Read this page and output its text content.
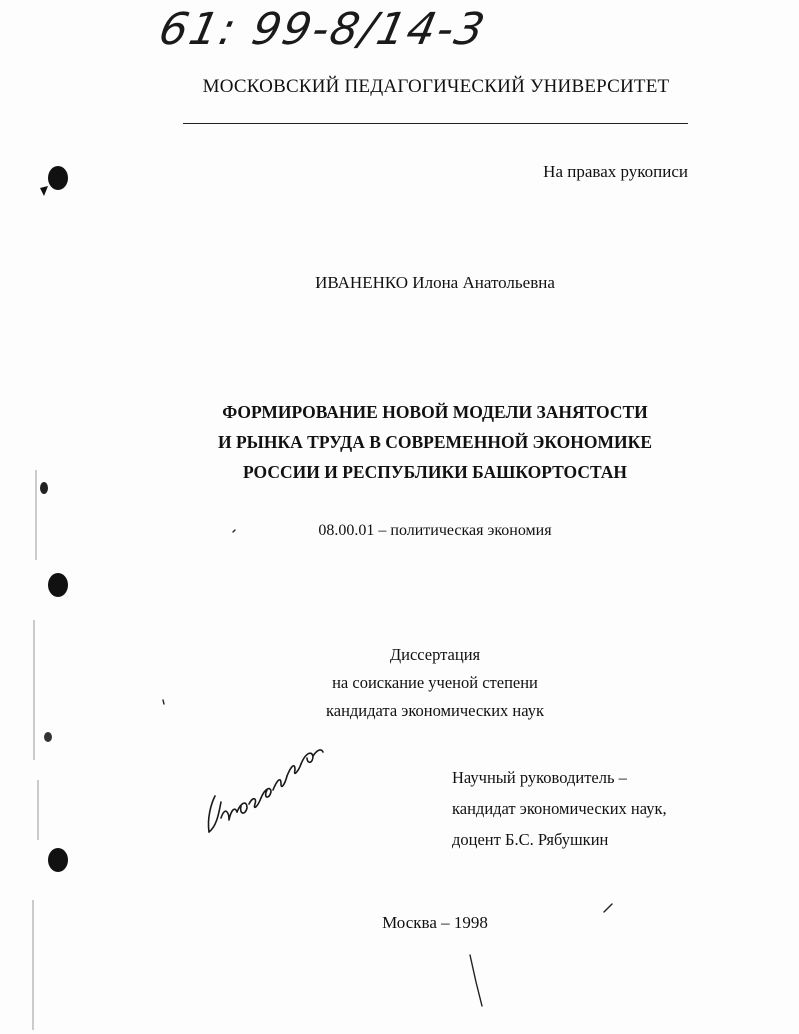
61: 99-8/14-3
МОСКОВСКИЙ ПЕДАГОГИЧЕСКИЙ УНИВЕРСИТЕТ
На правах рукописи
ИВАНЕНКО Илона Анатольевна
ФОРМИРОВАНИЕ НОВОЙ МОДЕЛИ ЗАНЯТОСТИ
И РЫНКА ТРУДА В СОВРЕМЕННОЙ ЭКОНОМИКЕ
РОССИИ И РЕСПУБЛИКИ БАШКОРТОСТАН
08.00.01 – политическая экономия
Диссертация
на соискание ученой степени
кандидата экономических наук
Научный руководитель –
кандидат экономических наук,
доцент Б.С. Рябушкин
Москва – 1998
